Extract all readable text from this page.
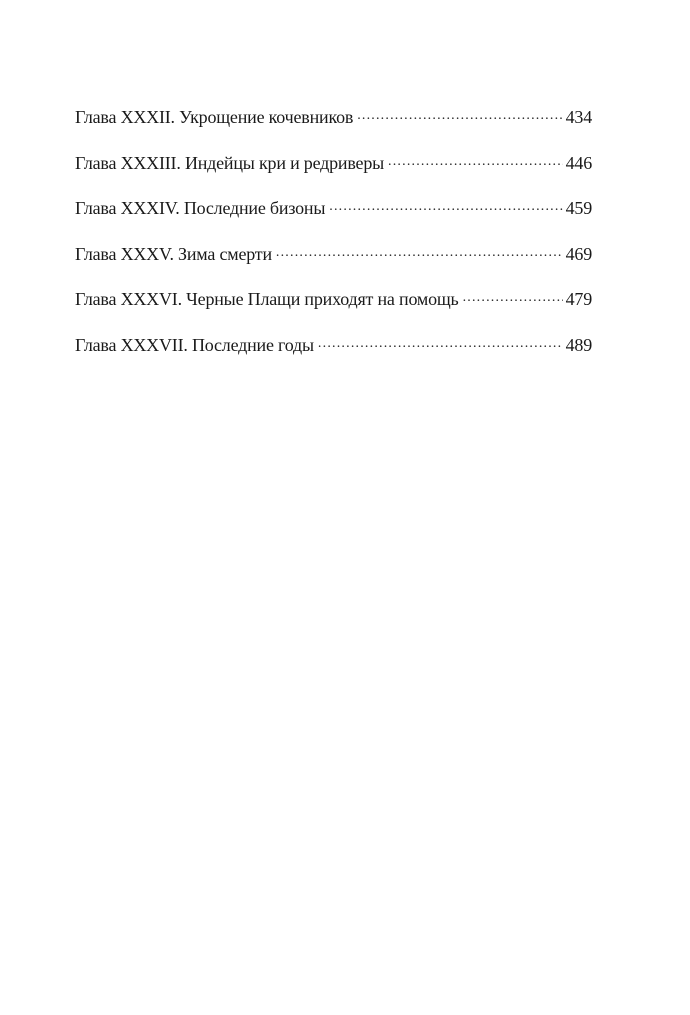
Глава XXXII. Укрощение кочевников .....	434
Глава XXXIII. Индейцы кри и редриверы .....	446
Глава XXXIV. Последние бизоны .....	459
Глава XXXV. Зима смерти .....	469
Глава XXXVI. Черные Плащи приходят на помощь .....	479
Глава XXXVII. Последние годы .....	489
